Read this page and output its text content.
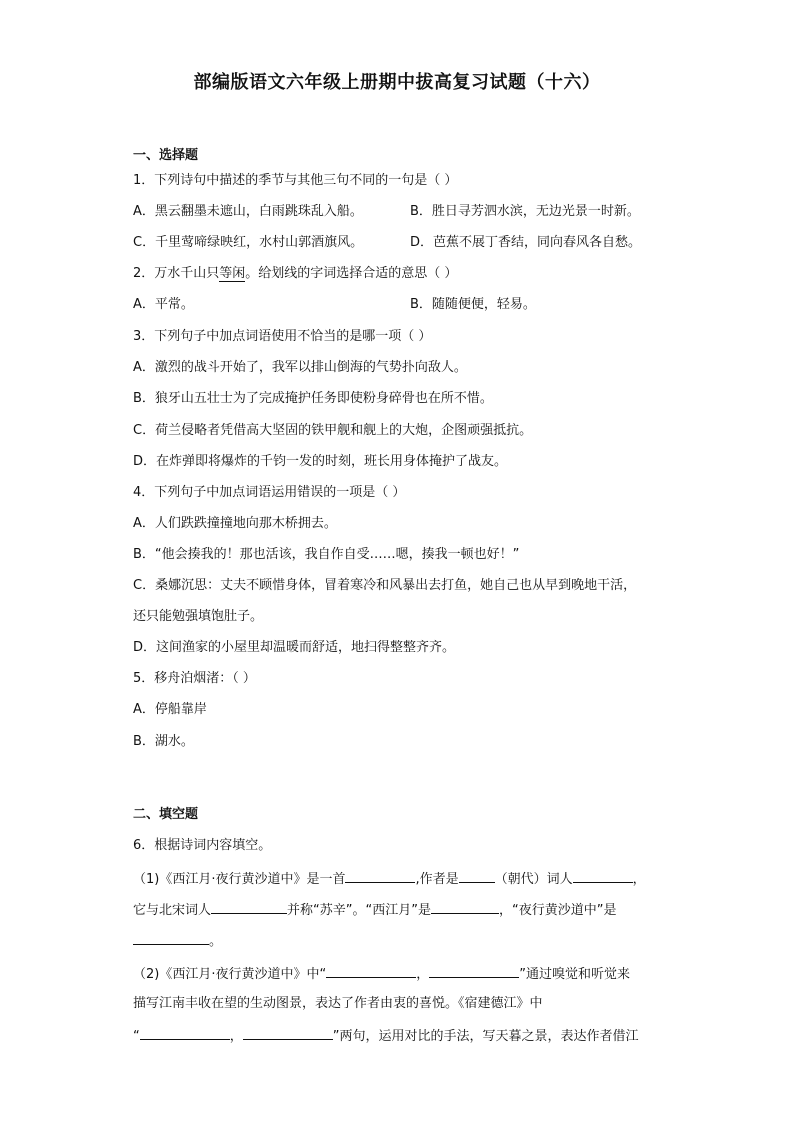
部编版语文六年级上册期中拔高复习试题（十六）
一、选择题
1．下列诗句中描述的季节与其他三句不同的一句是（ ）
A．黑云翻墨未遮山，白雨跳珠乱入船。	B．胜日寻芳泗水滨，无边光景一时新。
C．千里莺啼绿映红，水村山郭酒旗风。	D．芭蕉不展丁香结，同向春风各自愁。
2．万水千山只等闲。给划线的字词选择合适的意思（ ）
A．平常。	B．随随便便，轻易。
3．下列句子中加点词语使用不恰当的是哪一项（ ）
A．激烈的战斗开始了，我军以排山倒海的气势扑向敌人。
B．狼牙山五壮士为了完成掩护任务即使粉身碎骨也在所不惜。
C．荷兰侵略者凭借高大坚固的铁甲舰和舰上的大炮，企图顽强抵抗。
D．在炸弹即将爆炸的千钧一发的时刻，班长用身体掩护了战友。
4．下列句子中加点词语运用错误的一项是（ ）
A．人们跌跌撞撞地向那木桥拥去。
B．“他会揍我的！那也活该，我自作自受……嗯，揍我一顿也好！”
C．桑娜沉思：丈夫不顾惜身体，冒着寒冷和风暴出去打鱼，她自己也从早到晚地干活，
还只能勉强填饱肚子。
D．这间渔家的小屋里却温暖而舒适，地扫得整整齐齐。
5．移舟泊烟渚：（ ）
A．停船靠岸
B．湖水。
二、填空题
6．根据诗词内容填空。
（1)《西江月·夜行黄沙道中》是一首	,作者是	（朝代）词人	，
它与北宋词人	并称“苏辛”。“西江月”是	，“夜行黄沙道中”是
。
（2)《西江月·夜行黄沙道中》中“	，	”通过嗅觉和听觉来
描写江南丰收在望的生动图景，表达了作者由衷的喜悦。《宿建德江》中
“	，	”两句，运用对比的手法，写天暮之景，表达作者借江
